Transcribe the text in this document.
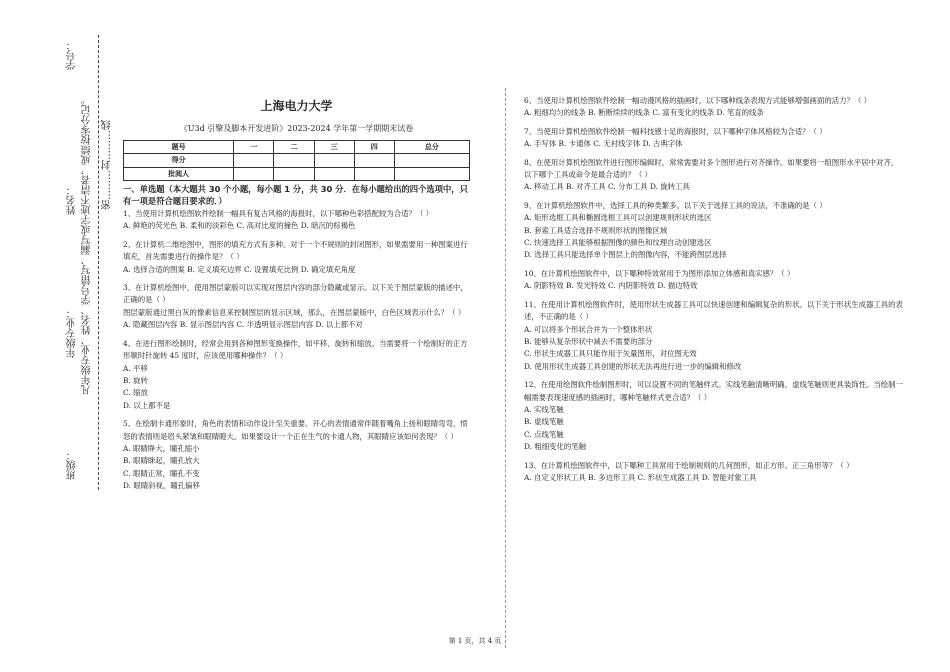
学号：
姓名：
年级专业：
班级：
凡年级专业、姓名、学号错写、漏写或字迹不清者，成绩按零分记。 密………封………线
上海电力大学
《U3d 引擎及脚本开发进阶》2023-2024 学年第一学期期末试卷
题号	一	二	三	四	总分
得分					
批阅人					
一、单选题（本大题共 30 个小题，每小题 1 分，共 30 分．在每小题给出的四个选项中，只有一项是符合题目要求的．）

1、当使用计算机绘图软件绘制一幅具有复古风格的海报时，以下哪种色彩搭配较为合适？（ ）

A. 鲜艳的荧光色 B. 柔和的淡彩色 C. 高对比度的撞色 D. 暗沉的棕褐色

2、在计算机二维绘图中，图形的填充方式有多种。对于一个不规则的封闭图形，如果需要用一种图案进行填充，首先需要进行的操作是？（ ）

A. 选择合适的图案 B. 定义填充边界 C. 设置填充比例 D. 确定填充角度

3、在计算机绘图中，使用图层蒙版可以实现对图层内容的部分隐藏或显示。以下关于图层蒙版的描述中，正确的是（ ）

图层蒙版通过黑白灰的像素信息来控制图层的显示区域，那么，在图层蒙版中，白色区域表示什么？（ ）

A. 隐藏图层内容 B. 显示图层内容 C. 半透明显示图层内容 D. 以上都不对

4、在进行图形绘制时，经常会用到各种图形变换操作，如平移、旋转和缩放。当需要将一个绘制好的正方形顺时针旋转 45 度时，应该使用哪种操作？（ ）

A. 平移

B. 旋转

C. 缩放

D. 以上都不是

5、在绘制卡通形象时，角色的表情和动作设计至关重要。开心的表情通常伴随着嘴角上扬和眼睛弯弯，愤怒的表情则是眉头紧皱和眼睛瞪大。如果要设计一个正在生气的卡通人物，其眼睛应该如何表现？（ ）

A. 眼睛睁大，瞳孔缩小

B. 眼睛眯起，瞳孔放大

C. 眼睛正常，瞳孔不变

D. 眼睛斜视，瞳孔偏移

6、当使用计算机绘图软件绘制一幅动漫风格的插画时，以下哪种线条表现方式能够增强画面的活力？（ ）

A. 粗细均匀的线条 B. 断断续续的线条 C. 富有变化的线条 D. 笔直的线条

7、当使用计算机绘图软件绘制一幅科技感十足的海报时，以下哪种字体风格较为合适？（ ）

A. 手写体 B. 卡通体 C. 无衬线字体 D. 古典字体

8、在使用计算机绘图软件进行图形编辑时，常常需要对多个图形进行对齐操作。如果要将一组图形水平居中对齐，以下哪个工具或命令是最合适的？（ ）

A. 移动工具 B. 对齐工具 C. 分布工具 D. 旋转工具

9、在计算机绘图软件中，选择工具的种类繁多。以下关于选择工具的说法，不准确的是（ ）

A. 矩形选框工具和椭圆选框工具可以创建规则形状的选区

B. 套索工具适合选择不规则形状的图像区域

C. 快速选择工具能够根据图像的颜色和纹理自动创建选区

D. 选择工具只能选择单个图层上的图像内容，不能跨图层选择

10、在计算机绘图软件中，以下哪种特效常用于为图形添加立体感和真实感？（ ）

A. 阴影特效 B. 发光特效 C. 内阴影特效 D. 描边特效

11、在使用计算机绘图软件时，使用形状生成器工具可以快速创建和编辑复杂的形状。以下关于形状生成器工具的表述，不正确的是（ ）

A. 可以将多个形状合并为一个整体形状

B. 能够从复杂形状中减去不需要的部分

C. 形状生成器工具只能作用于矢量图形，对位图无效

D. 使用形状生成器工具创建的形状无法再进行进一步的编辑和修改

12、在使用绘图软件绘制图形时，可以设置不同的笔触样式。实线笔触清晰明确，虚线笔触则更具装饰性。当绘制一幅需要表现速度感的插画时，哪种笔触样式更合适？（ ）

A. 实线笔触

B. 虚线笔触

C. 点线笔触

D. 粗细变化的笔触

13、在计算机绘图软件中，以下哪种工具常用于绘制规则的几何图形，如正方形、正三角形等？（ ）

A. 自定义形状工具 B. 多边形工具 C. 形状生成器工具 D. 智能对象工具

第 1 页，共 4 页
